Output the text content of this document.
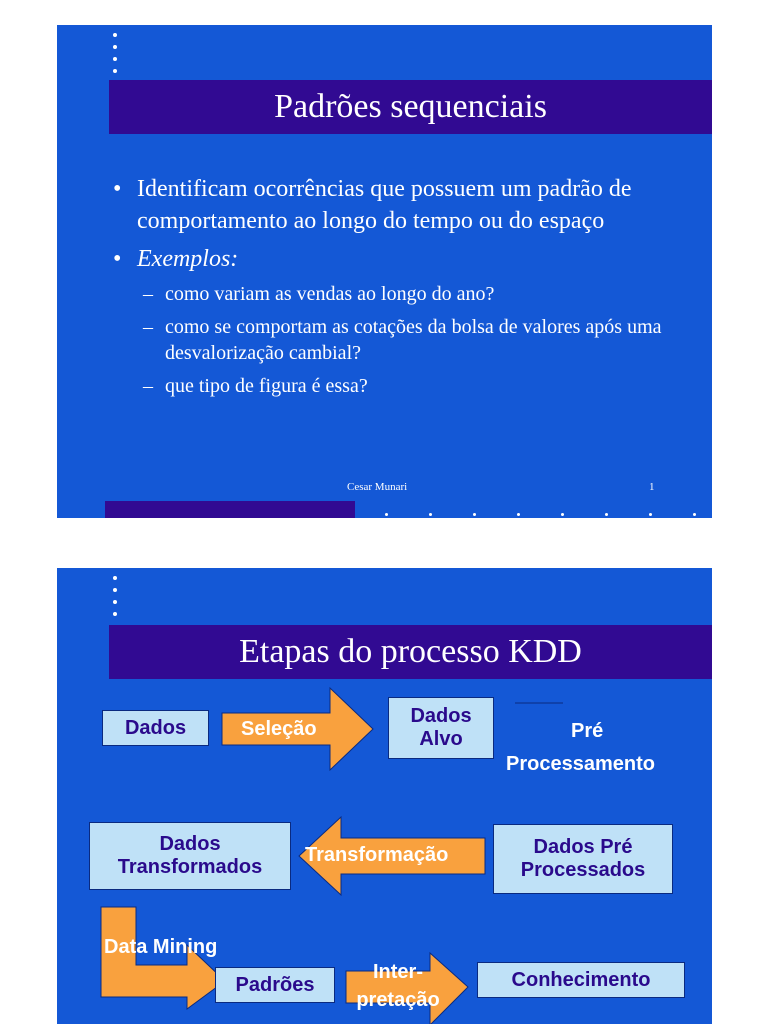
Padrões sequenciais
• Identificam ocorrências que possuem um padrão de comportamento ao longo do tempo ou do espaço
• Exemplos:
– como variam as vendas ao longo do ano?
– como se comportam as cotações da bolsa de valores após uma desvalorização cambial?
– que tipo de figura é essa?
Cesar Munari	1
Etapas do processo KDD
Seleção	Pré
Processamento
Transformação
Data Mining
Inter-
pretação
Dados
Dados
Alvo
Dados
Transformados
Dados Pré
Processados
Padrões	Conhecimento
